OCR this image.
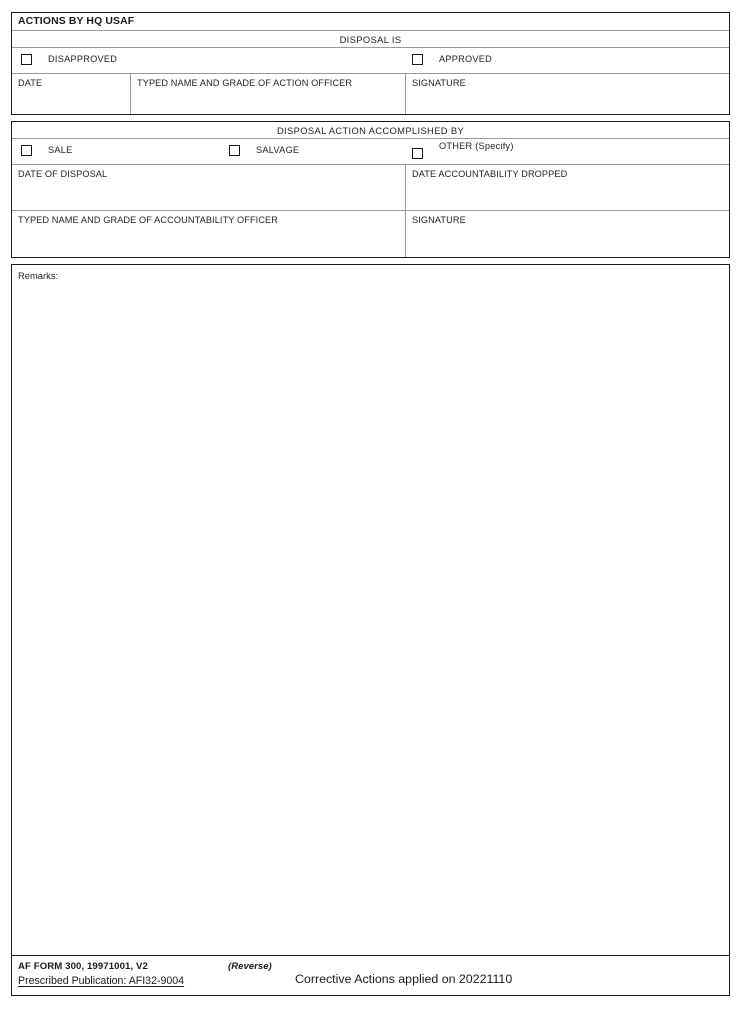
ACTIONS BY HQ USAF
DISPOSAL IS
DISAPPROVED	APPROVED
DATE	TYPED NAME AND GRADE OF ACTION OFFICER	SIGNATURE
DISPOSAL ACTION ACCOMPLISHED BY
SALE	SALVAGE	OTHER (Specify)
DATE OF DISPOSAL	DATE ACCOUNTABILITY DROPPED
TYPED NAME AND GRADE OF ACCOUNTABILITY OFFICER	SIGNATURE
Remarks:
AF FORM 300, 19971001, V2	(Reverse)
Prescribed Publication: AFI32-9004	Corrective Actions applied on 20221110
